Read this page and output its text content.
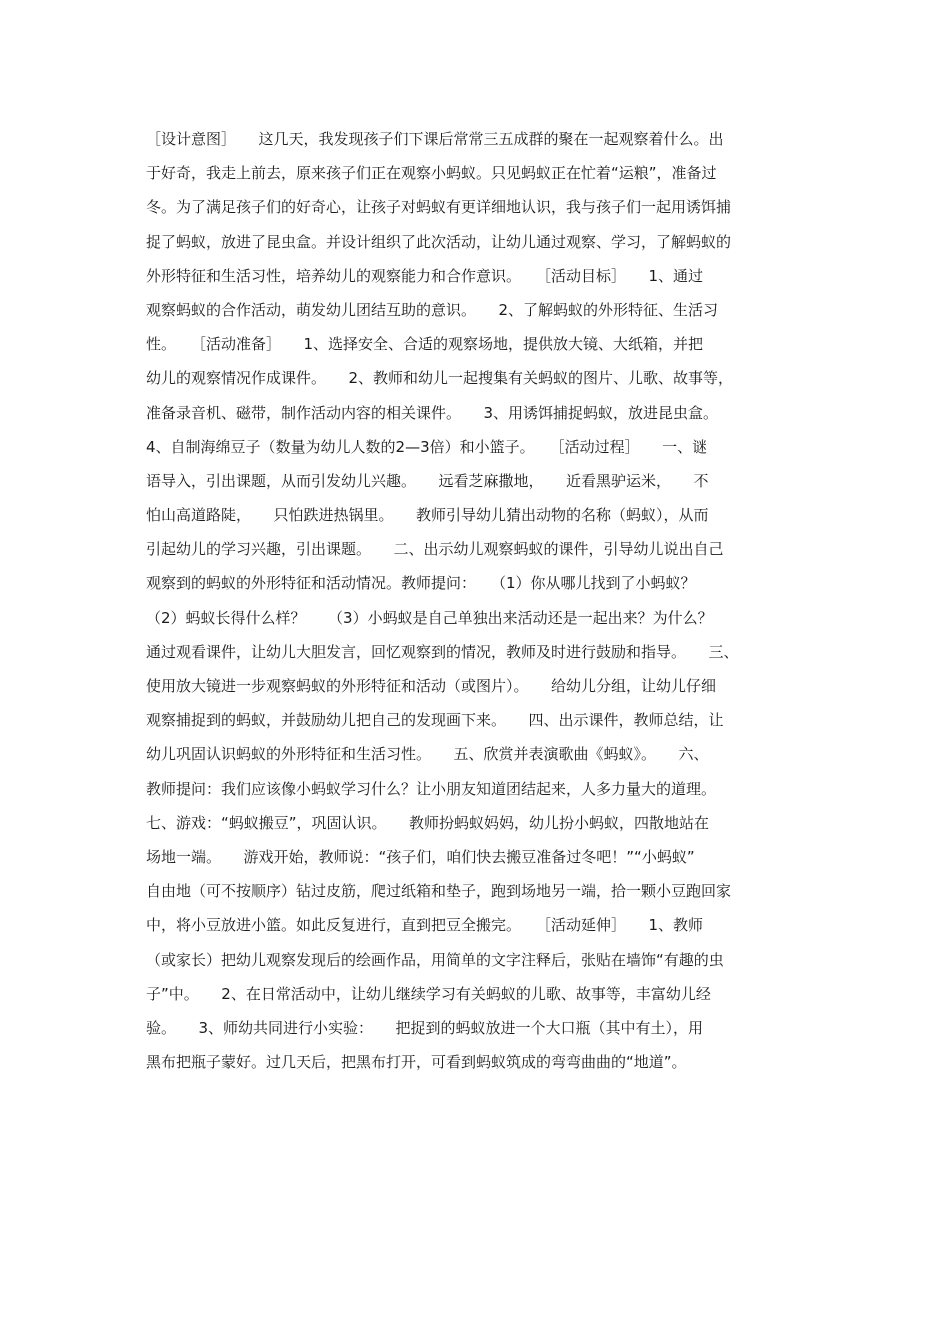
［设计意图］　　这几天，我发现孩子们下课后常常三五成群的聚在一起观察着什么。出
于好奇，我走上前去，原来孩子们正在观察小蚂蚁。只见蚂蚁正在忙着“运粮”，准备过
冬。为了满足孩子们的好奇心，让孩子对蚂蚁有更详细地认识，我与孩子们一起用诱饵捕
捉了蚂蚁，放进了昆虫盒。并设计组织了此次活动，让幼儿通过观察、学习，了解蚂蚁的
外形特征和生活习性，培养幼儿的观察能力和合作意识。　　［活动目标］　　1、通过
观察蚂蚁的合作活动，萌发幼儿团结互助的意识。　　2、了解蚂蚁的外形特征、生活习
性。　　［活动准备］　　1、选择安全、合适的观察场地，提供放大镜、大纸箱，并把
幼儿的观察情况作成课件。　　2、教师和幼儿一起搜集有关蚂蚁的图片、儿歌、故事等，
准备录音机、磁带，制作活动内容的相关课件。　　3、用诱饵捕捉蚂蚁，放进昆虫盒。
4、自制海绵豆子（数量为幼儿人数的2—3倍）和小篮子。　　［活动过程］　　一、谜
语导入，引出课题，从而引发幼儿兴趣。　　远看芝麻撒地，　　近看黑驴运米，　　不
怕山高道路陡，　　只怕跌进热锅里。　　教师引导幼儿猜出动物的名称（蚂蚁），从而
引起幼儿的学习兴趣，引出课题。　　二、出示幼儿观察蚂蚁的课件，引导幼儿说出自己
观察到的蚂蚁的外形特征和活动情况。教师提问：　　（1）你从哪儿找到了小蚂蚁？
（2）蚂蚁长得什么样？　　（3）小蚂蚁是自己单独出来活动还是一起出来？为什么？
通过观看课件，让幼儿大胆发言，回忆观察到的情况，教师及时进行鼓励和指导。　　三、
使用放大镜进一步观察蚂蚁的外形特征和活动（或图片）。　　给幼儿分组，让幼儿仔细
观察捕捉到的蚂蚁，并鼓励幼儿把自己的发现画下来。　　四、出示课件，教师总结，让
幼儿巩固认识蚂蚁的外形特征和生活习性。　　五、欣赏并表演歌曲《蚂蚁》。　　六、
教师提问：我们应该像小蚂蚁学习什么？让小朋友知道团结起来，人多力量大的道理。
七、游戏：“蚂蚁搬豆”，巩固认识。　　教师扮蚂蚁妈妈，幼儿扮小蚂蚁，四散地站在
场地一端。　　游戏开始，教师说：“孩子们，咱们快去搬豆准备过冬吧！”“小蚂蚁”
自由地（可不按顺序）钻过皮筋，爬过纸箱和垫子，跑到场地另一端，拾一颗小豆跑回家
中，将小豆放进小篮。如此反复进行，直到把豆全搬完。　　［活动延伸］　　1、教师
（或家长）把幼儿观察发现后的绘画作品，用简单的文字注释后，张贴在墙饰“有趣的虫
子”中。　　2、在日常活动中，让幼儿继续学习有关蚂蚁的儿歌、故事等，丰富幼儿经
验。　　3、师幼共同进行小实验：　　把捉到的蚂蚁放进一个大口瓶（其中有土），用
黑布把瓶子蒙好。过几天后，把黑布打开，可看到蚂蚁筑成的弯弯曲曲的“地道”。
